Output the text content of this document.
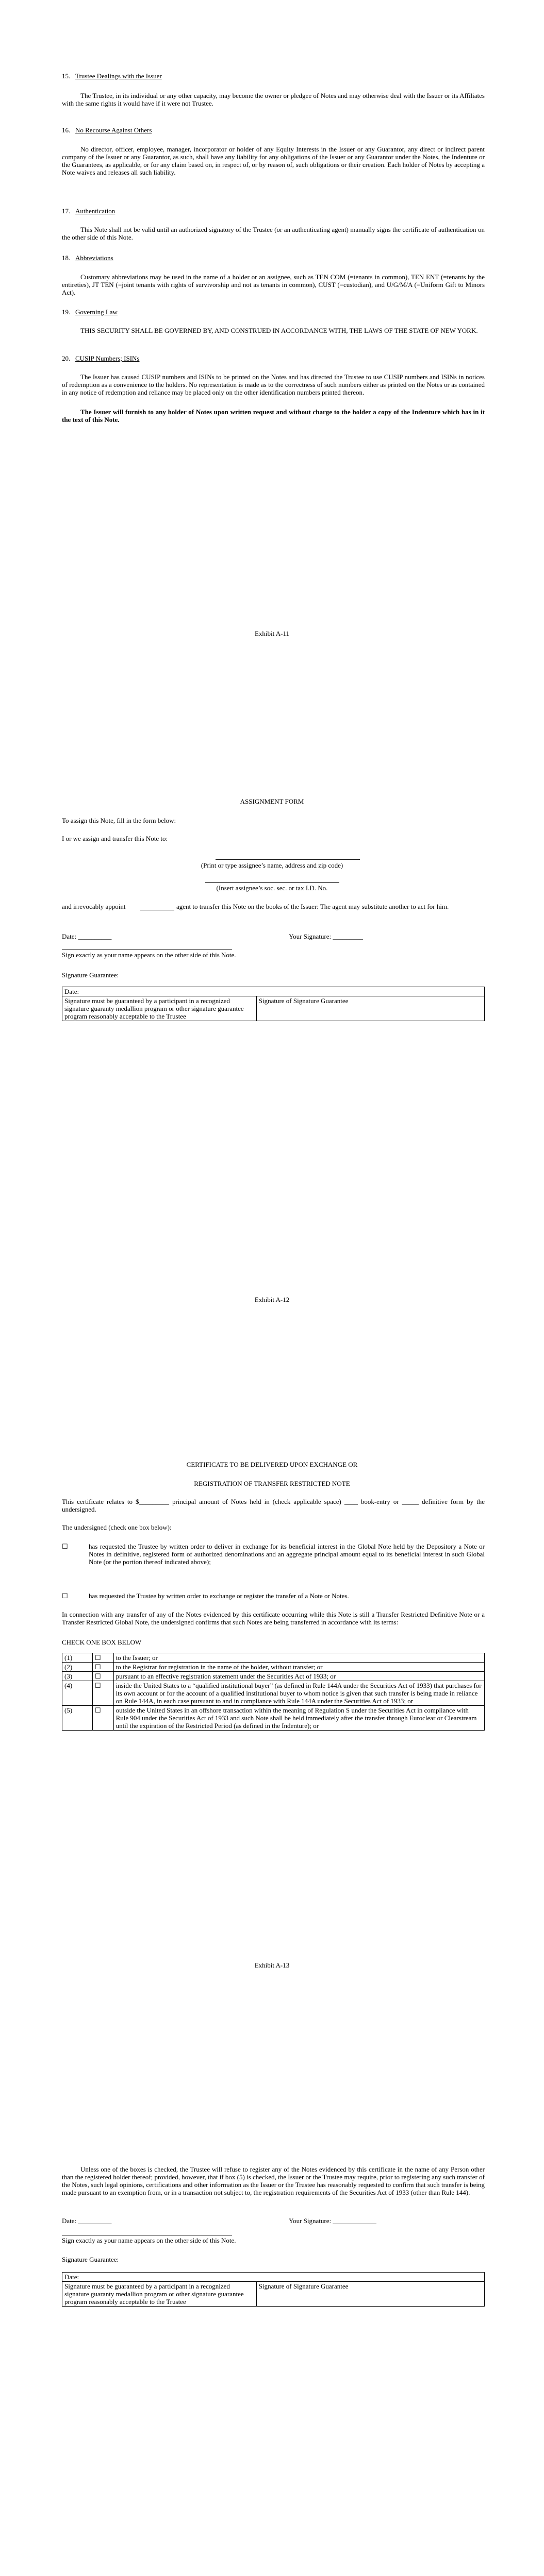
15. Trustee Dealings with the Issuer
The Trustee, in its individual or any other capacity, may become the owner or pledgee of Notes and may otherwise deal with the Issuer or its Affiliates with the same rights it would have if it were not Trustee.
16. No Recourse Against Others
No director, officer, employee, manager, incorporator or holder of any Equity Interests in the Issuer or any Guarantor, any direct or indirect parent company of the Issuer or any Guarantor, as such, shall have any liability for any obligations of the Issuer or any Guarantor under the Notes, the Indenture or the Guarantees, as applicable, or for any claim based on, in respect of, or by reason of, such obligations or their creation. Each holder of Notes by accepting a Note waives and releases all such liability.
17. Authentication
This Note shall not be valid until an authorized signatory of the Trustee (or an authenticating agent) manually signs the certificate of authentication on the other side of this Note.
18. Abbreviations
Customary abbreviations may be used in the name of a holder or an assignee, such as TEN COM (=tenants in common), TEN ENT (=tenants by the entireties), JT TEN (=joint tenants with rights of survivorship and not as tenants in common), CUST (=custodian), and U/G/M/A (=Uniform Gift to Minors Act).
19. Governing Law
THIS SECURITY SHALL BE GOVERNED BY, AND CONSTRUED IN ACCORDANCE WITH, THE LAWS OF THE STATE OF NEW YORK.
20. CUSIP Numbers; ISINs
The Issuer has caused CUSIP numbers and ISINs to be printed on the Notes and has directed the Trustee to use CUSIP numbers and ISINs in notices of redemption as a convenience to the holders. No representation is made as to the correctness of such numbers either as printed on the Notes or as contained in any notice of redemption and reliance may be placed only on the other identification numbers printed thereon.
The Issuer will furnish to any holder of Notes upon written request and without charge to the holder a copy of the Indenture which has in it the text of this Note.
Exhibit A-11
ASSIGNMENT FORM
To assign this Note, fill in the form below:
I or we assign and transfer this Note to:
(Print or type assignee’s name, address and zip code)
(Insert assignee’s soc. sec. or tax I.D. No.
and irrevocably appoint	agent to transfer this Note on the books of the Issuer: The agent may substitute another to act for him.
Date: __________	Your Signature: _________
Sign exactly as your name appears on the other side of this Note.
Signature Guarantee:
Date:
Signature must be guaranteed by a participant in a recognized signature guaranty medallion program or other signature guarantee program reasonably acceptable to the Trustee	Signature of Signature Guarantee
Exhibit A-12
CERTIFICATE TO BE DELIVERED UPON EXCHANGE OR
REGISTRATION OF TRANSFER RESTRICTED NOTE
This certificate relates to $_________ principal amount of Notes held in (check applicable space) ____ book-entry or _____ definitive form by the undersigned.
The undersigned (check one box below):
☐	has requested the Trustee by written order to deliver in exchange for its beneficial interest in the Global Note held by the Depository a Note or Notes in definitive, registered form of authorized denominations and an aggregate principal amount equal to its beneficial interest in such Global Note (or the portion thereof indicated above);
☐	has requested the Trustee by written order to exchange or register the transfer of a Note or Notes.
In connection with any transfer of any of the Notes evidenced by this certificate occurring while this Note is still a Transfer Restricted Definitive Note or a Transfer Restricted Global Note, the undersigned confirms that such Notes are being transferred in accordance with its terms:
CHECK ONE BOX BELOW
(1)	☐	to the Issuer; or
(2)	☐	to the Registrar for registration in the name of the holder, without transfer; or
(3)	☐	pursuant to an effective registration statement under the Securities Act of 1933; or
(4)	☐	inside the United States to a “qualified institutional buyer” (as defined in Rule 144A under the Securities Act of 1933) that purchases for its own account or for the account of a qualified institutional buyer to whom notice is given that such transfer is being made in reliance on Rule 144A, in each case pursuant to and in compliance with Rule 144A under the Securities Act of 1933; or
(5)	☐	outside the United States in an offshore transaction within the meaning of Regulation S under the Securities Act in compliance with Rule 904 under the Securities Act of 1933 and such Note shall be held immediately after the transfer through Euroclear or Clearstream until the expiration of the Restricted Period (as defined in the Indenture); or
Exhibit A-13
Unless one of the boxes is checked, the Trustee will refuse to register any of the Notes evidenced by this certificate in the name of any Person other than the registered holder thereof; provided, however, that if box (5) is checked, the Issuer or the Trustee may require, prior to registering any such transfer of the Notes, such legal opinions, certifications and other information as the Issuer or the Trustee has reasonably requested to confirm that such transfer is being made pursuant to an exemption from, or in a transaction not subject to, the registration requirements of the Securities Act of 1933 (other than Rule 144).
Date: __________	Your Signature: _____________
Sign exactly as your name appears on the other side of this Note.
Signature Guarantee:
Date:
Signature must be guaranteed by a participant in a recognized signature guaranty medallion program or other signature guarantee program reasonably acceptable to the Trustee	Signature of Signature Guarantee
